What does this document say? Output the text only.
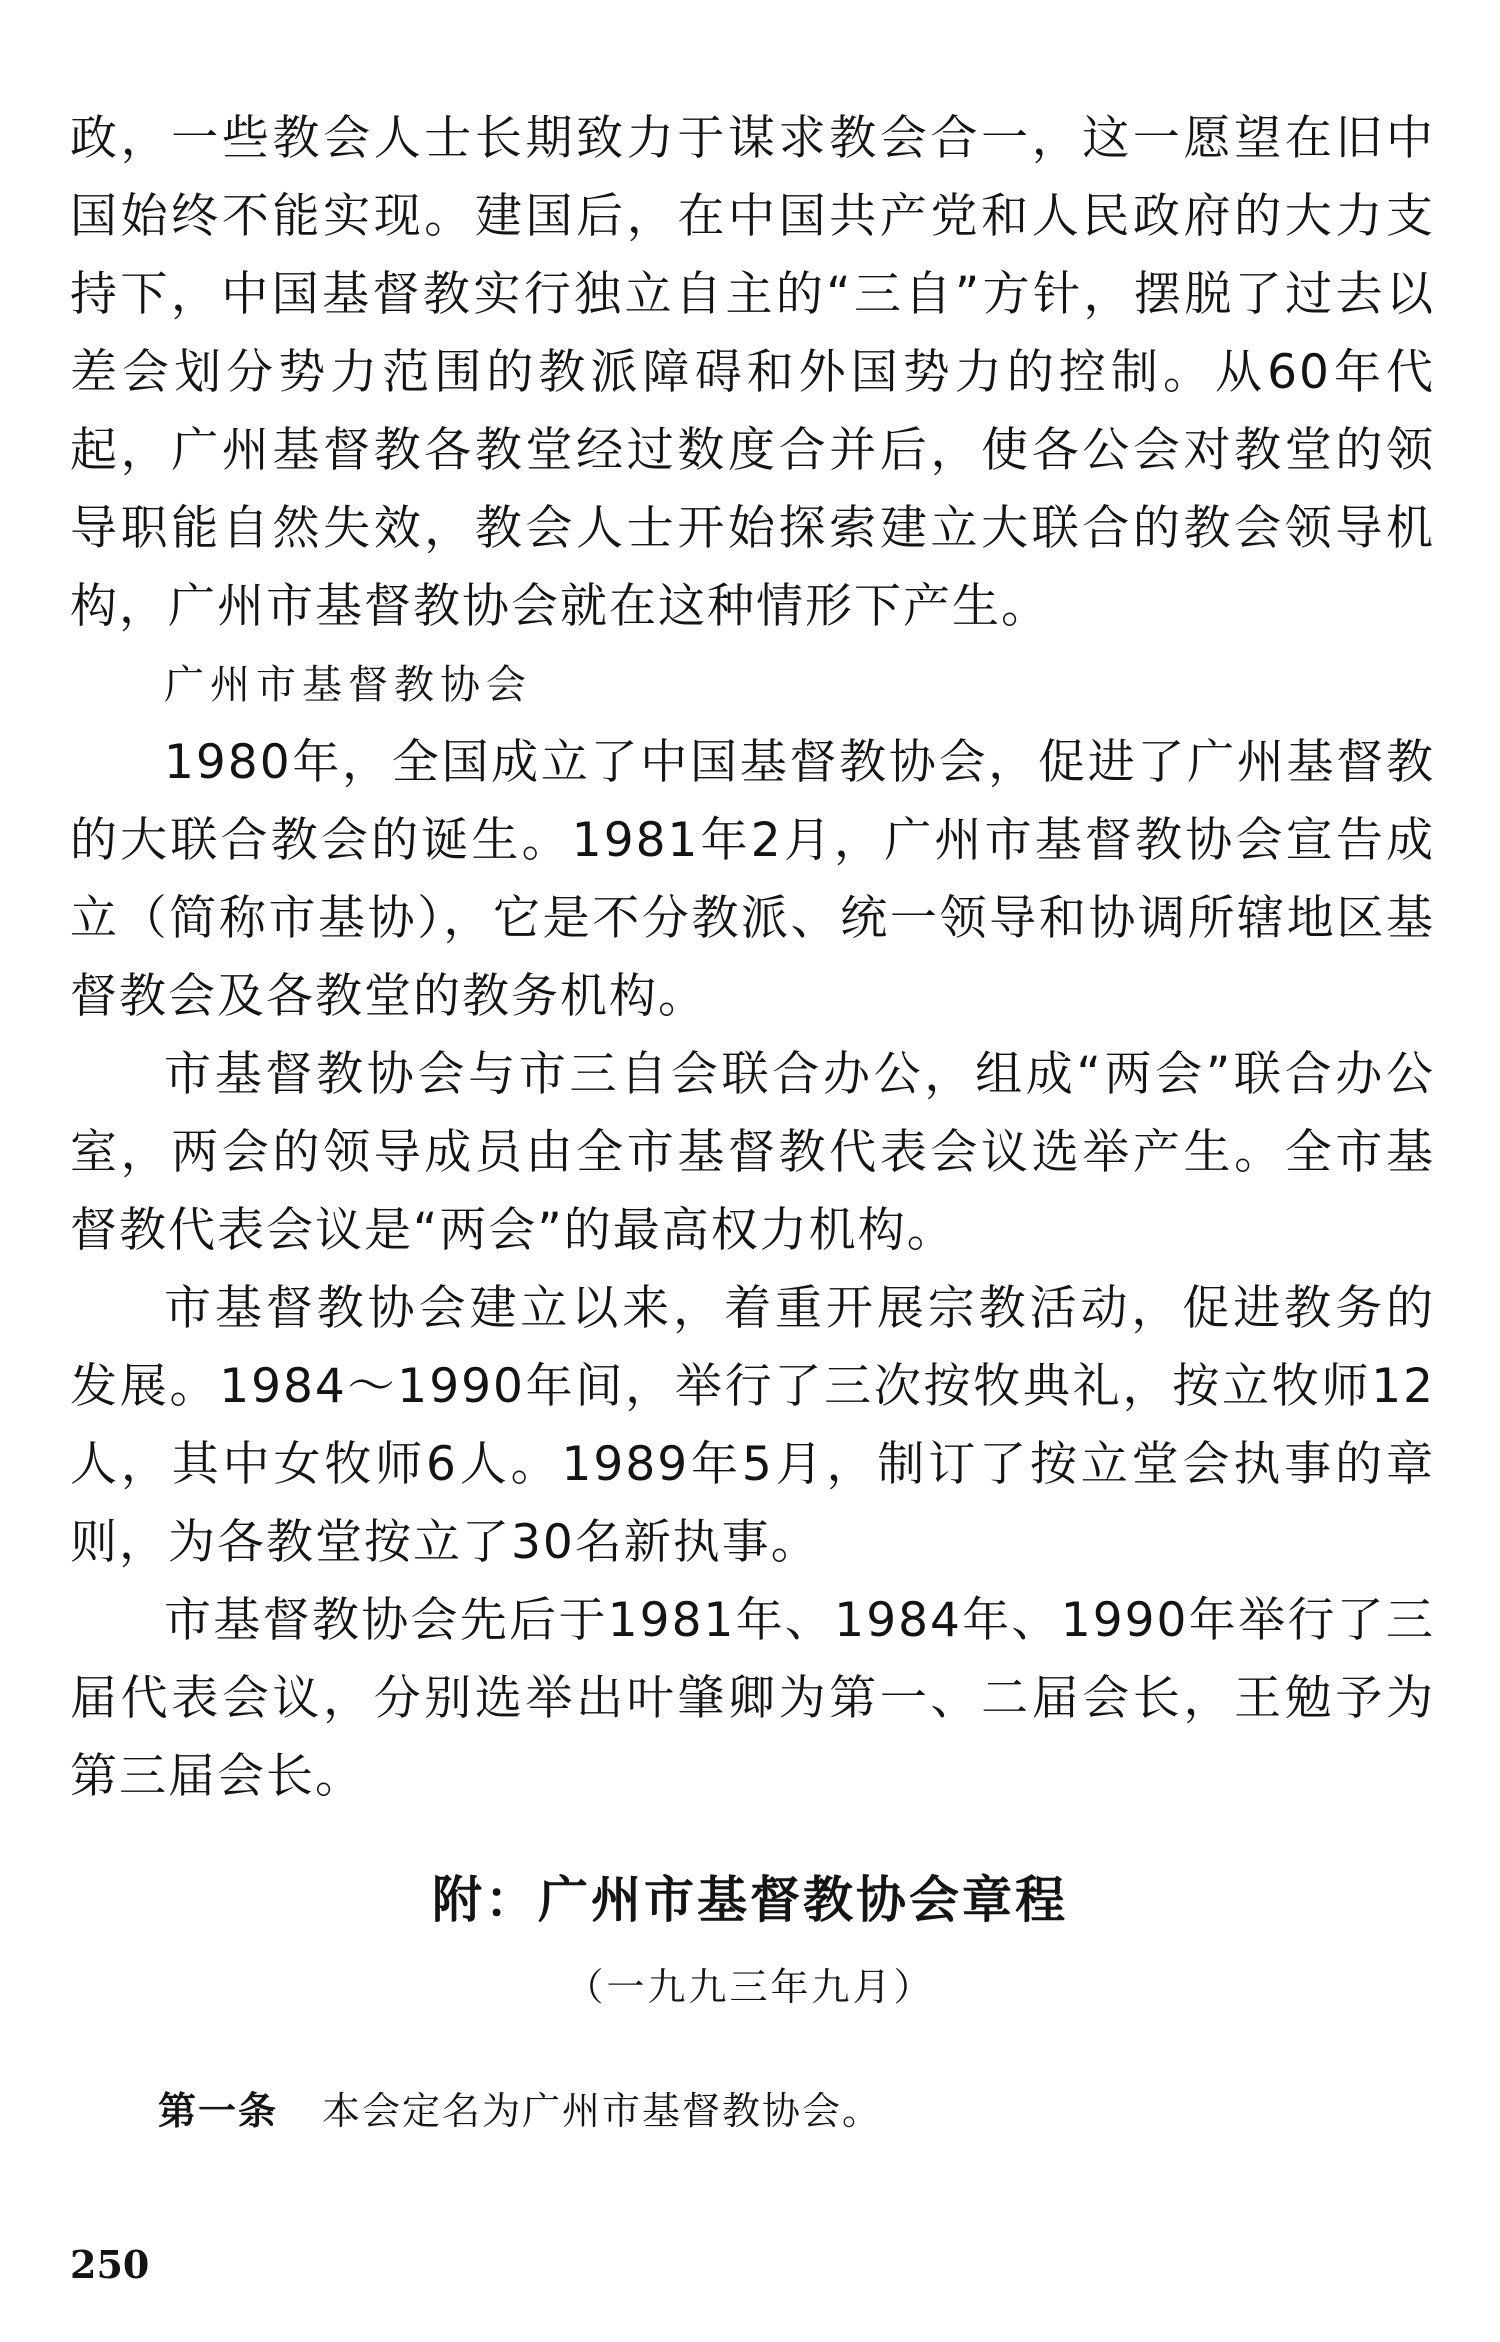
政，一些教会人士长期致力于谋求教会合一，这一愿望在旧中国始终不能实现。建国后，在中国共产党和人民政府的大力支持下，中国基督教实行独立自主的“三自”方针，摆脱了过去以差会划分势力范围的教派障碍和外国势力的控制。从60年代起，广州基督教各教堂经过数度合并后，使各公会对教堂的领导职能自然失效，教会人士开始探索建立大联合的教会领导机构，广州市基督教协会就在这种情形下产生。

广州市基督教协会

1980年，全国成立了中国基督教协会，促进了广州基督教的大联合教会的诞生。1981年2月，广州市基督教协会宣告成立（简称市基协），它是不分教派、统一领导和协调所辖地区基督教会及各教堂的教务机构。

市基督教协会与市三自会联合办公，组成“两会”联合办公室，两会的领导成员由全市基督教代表会议选举产生。全市基督教代表会议是“两会”的最高权力机构。

市基督教协会建立以来，着重开展宗教活动，促进教务的发展。1984～1990年间，举行了三次按牧典礼，按立牧师12人，其中女牧师6人。1989年5月，制订了按立堂会执事的章则，为各教堂按立了30名新执事。

市基督教协会先后于1981年、1984年、1990年举行了三届代表会议，分别选举出叶肇卿为第一、二届会长，王勉予为第三届会长。

附：广州市基督教协会章程

（一九九三年九月）

第一条 本会定名为广州市基督教协会。

250
